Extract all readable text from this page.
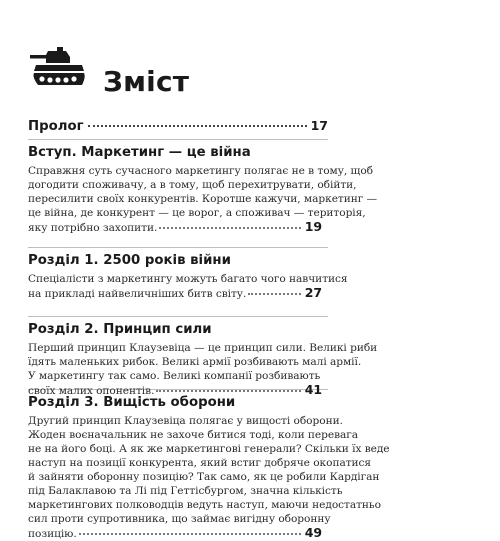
Зміст
Пролог	17
Вступ. Маркетинг — це війна
Справжня суть сучасного маркетингу полягає не в тому, щоб
догодити споживачу, а в тому, щоб перехитрувати, обійти,
пересилити своїх конкурентів. Коротше кажучи, маркетинг —
це війна, де конкурент — це ворог, а споживач — територія,
яку потрібно захопити.	19
Розділ 1. 2500 років війни
Спеціалісти з маркетингу можуть багато чого навчитися
на прикладі найвеличніших битв світу.	27
Розділ 2. Принцип сили
Перший принцип Клаузевіца — це принцип сили. Великі риби
їдять маленьких рибок. Великі армії розбивають малі армії.
У маркетингу так само. Великі компанії розбивають
своїх малих опонентів.	41
Розділ 3. Вищість оборони
Другий принцип Клаузевіца полягає у вищості оборони.
Жоден воєначальник не захоче битися тоді, коли перевага
не на його боці. А як же маркетингові генерали? Скільки їх веде
наступ на позиції конкурента, який встиг добряче окопатися
й зайняти оборонну позицію? Так само, як це робили Кардіган
під Балаклавою та Лі під Геттісбургом, значна кількість
маркетингових полководців ведуть наступ, маючи недостатньо
сил проти супротивника, що займає вигідну оборонну
позицію.	49
